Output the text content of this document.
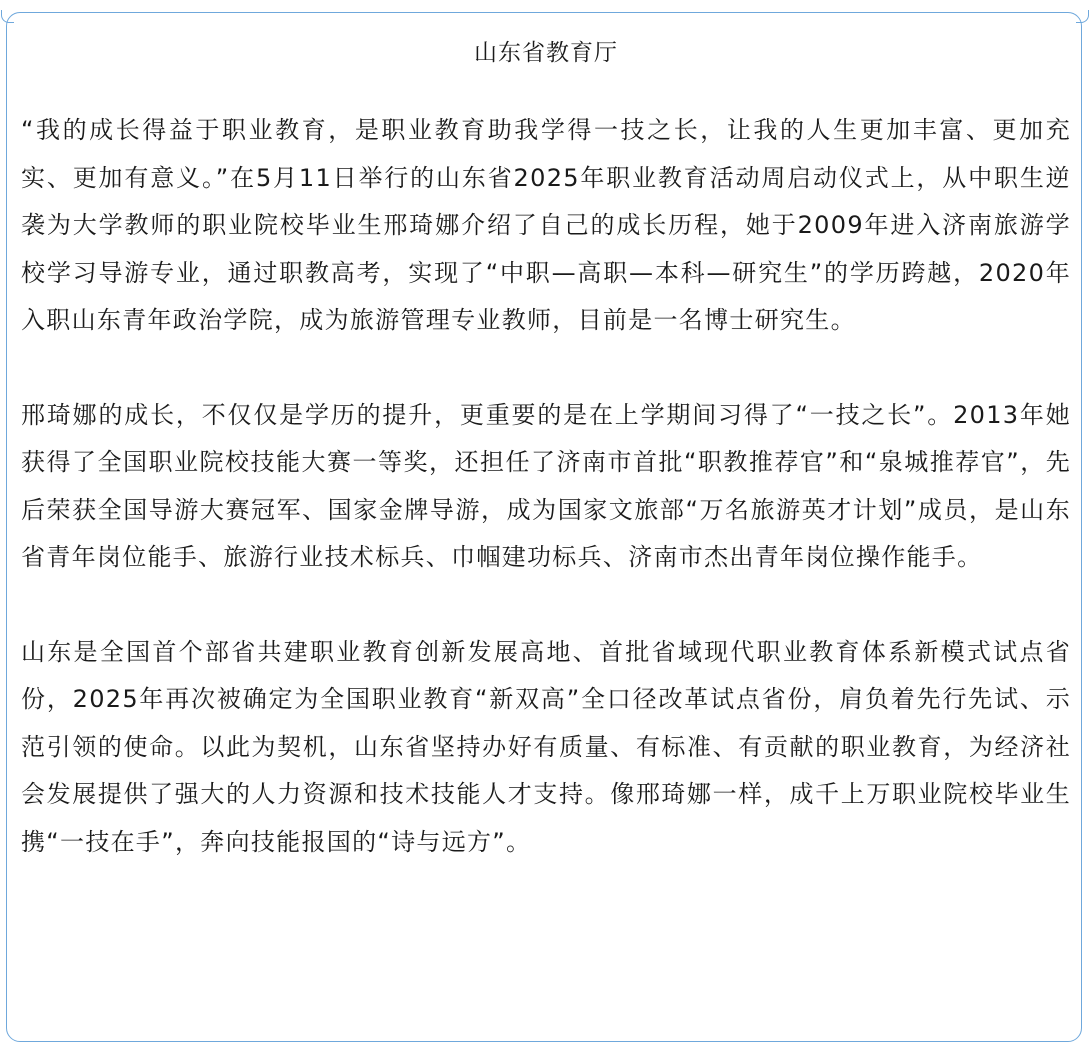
山东省教育厅

“我的成长得益于职业教育，是职业教育助我学得一技之长，让我的人生更加丰富、更加充实、更加有意义。”在5月11日举行的山东省2025年职业教育活动周启动仪式上，从中职生逆袭为大学教师的职业院校毕业生邢琦娜介绍了自己的成长历程，她于2009年进入济南旅游学校学习导游专业，通过职教高考，实现了“中职—高职—本科—研究生”的学历跨越，2020年入职山东青年政治学院，成为旅游管理专业教师，目前是一名博士研究生。

邢琦娜的成长，不仅仅是学历的提升，更重要的是在上学期间习得了“一技之长”。2013年她获得了全国职业院校技能大赛一等奖，还担任了济南市首批“职教推荐官”和“泉城推荐官”，先后荣获全国导游大赛冠军、国家金牌导游，成为国家文旅部“万名旅游英才计划”成员，是山东省青年岗位能手、旅游行业技术标兵、巾帼建功标兵、济南市杰出青年岗位操作能手。

山东是全国首个部省共建职业教育创新发展高地、首批省域现代职业教育体系新模式试点省份，2025年再次被确定为全国职业教育“新双高”全口径改革试点省份，肩负着先行先试、示范引领的使命。以此为契机，山东省坚持办好有质量、有标准、有贡献的职业教育，为经济社会发展提供了强大的人力资源和技术技能人才支持。像邢琦娜一样，成千上万职业院校毕业生携“一技在手”，奔向技能报国的“诗与远方”。
